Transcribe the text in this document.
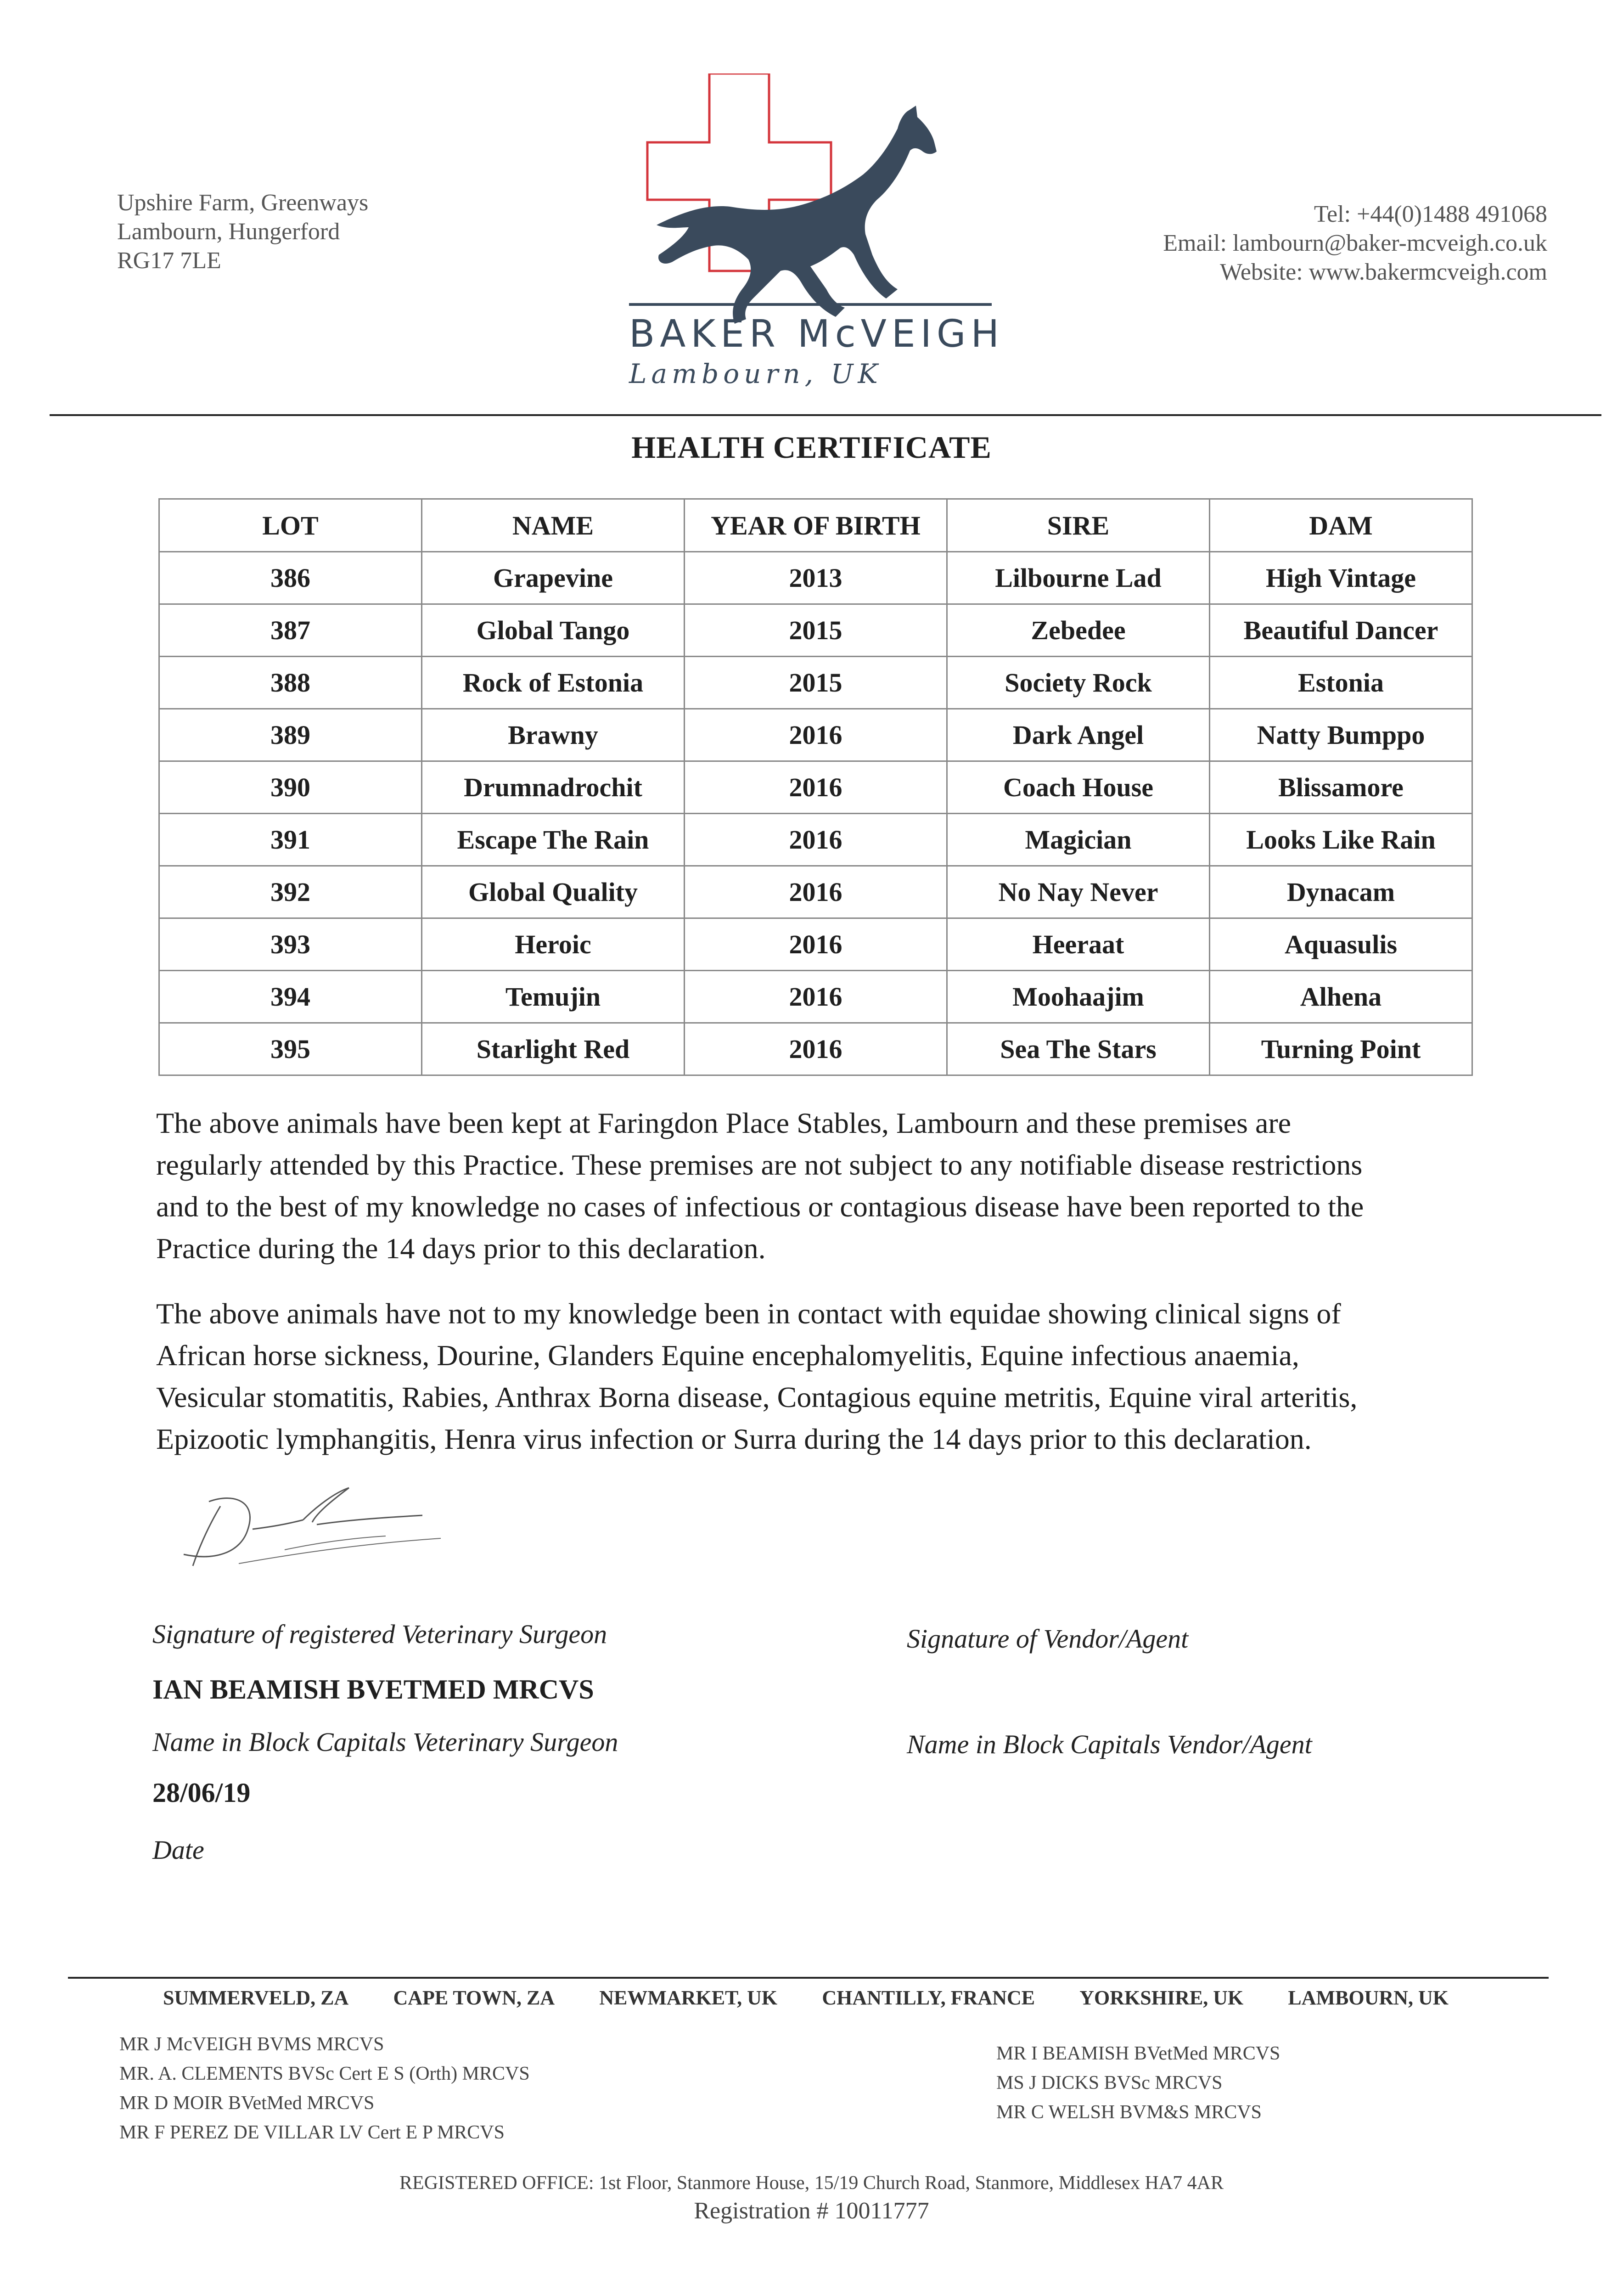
Upshire Farm, Greenways
Lambourn, Hungerford
RG17 7LE
BAKER McVEIGH
Lambourn, UK
Tel: +44(0)1488 491068
Email: lambourn@baker-mcveigh.co.uk
Website: www.bakermcveigh.com
HEALTH CERTIFICATE
LOT	NAME	YEAR OF BIRTH	SIRE	DAM
386	Grapevine	2013	Lilbourne Lad	High Vintage
387	Global Tango	2015	Zebedee	Beautiful Dancer
388	Rock of Estonia	2015	Society Rock	Estonia
389	Brawny	2016	Dark Angel	Natty Bumppo
390	Drumnadrochit	2016	Coach House	Blissamore
391	Escape The Rain	2016	Magician	Looks Like Rain
392	Global Quality	2016	No Nay Never	Dynacam
393	Heroic	2016	Heeraat	Aquasulis
394	Temujin	2016	Moohaajim	Alhena
395	Starlight Red	2016	Sea The Stars	Turning Point
The above animals have been kept at Faringdon Place Stables, Lambourn and these premises are
regularly attended by this Practice. These premises are not subject to any notifiable disease restrictions
and to the best of my knowledge no cases of infectious or contagious disease have been reported to the
Practice during the 14 days prior to this declaration.
The above animals have not to my knowledge been in contact with equidae showing clinical signs of
African horse sickness, Dourine, Glanders Equine encephalomyelitis, Equine infectious anaemia,
Vesicular stomatitis, Rabies, Anthrax Borna disease, Contagious equine metritis, Equine viral arteritis,
Epizootic lymphangitis, Henra virus infection or Surra during the 14 days prior to this declaration.
Signature of registered Veterinary Surgeon
IAN BEAMISH BVETMED MRCVS
Name in Block Capitals Veterinary Surgeon
28/06/19
Date
Signature of Vendor/Agent
Name in Block Capitals Vendor/Agent
SUMMERVELD, ZA CAPE TOWN, ZA NEWMARKET, UK CHANTILLY, FRANCE YORKSHIRE, UK LAMBOURN, UK
MR J McVEIGH BVMS MRCVS
MR. A. CLEMENTS BVSc Cert E S (Orth) MRCVS
MR D MOIR BVetMed MRCVS
MR F PEREZ DE VILLAR LV Cert E P MRCVS
MR I BEAMISH BVetMed MRCVS
MS J DICKS BVSc MRCVS
MR C WELSH BVM&S MRCVS
REGISTERED OFFICE: 1st Floor, Stanmore House, 15/19 Church Road, Stanmore, Middlesex HA7 4AR
Registration # 10011777
